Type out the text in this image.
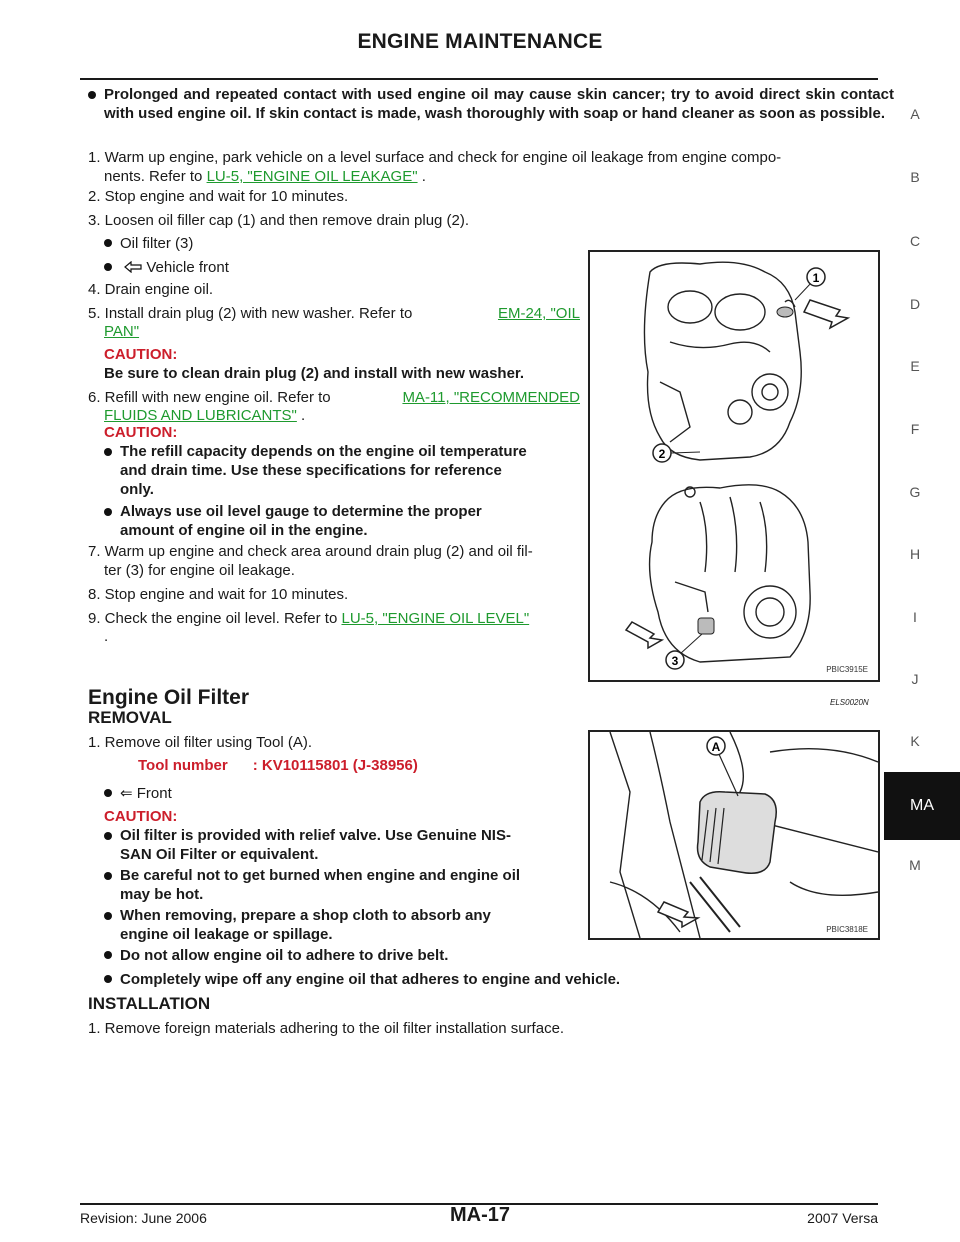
ENGINE MAINTENANCE
A
B
C
D
E
F
G
H
I
J
K
MA
M
Prolonged and repeated contact with used engine oil may cause skin cancer; try to avoid direct skin contact with used engine oil. If skin contact is made, wash thoroughly with soap or hand cleaner as soon as possible.
1. Warm up engine, park vehicle on a level surface and check for engine oil leakage from engine compo-
nents. Refer to LU-5, "ENGINE OIL LEAKAGE" .
2. Stop engine and wait for 10 minutes.
3. Loosen oil filler cap (1) and then remove drain plug (2).
Oil filter (3)
Vehicle front
4. Drain engine oil.
5. Install drain plug (2) with new washer. Refer to	EM-24, "OIL
PAN"
CAUTION:
Be sure to clean drain plug (2) and install with new washer.
6. Refill with new engine oil. Refer to	MA-11, "RECOMMENDED
FLUIDS AND LUBRICANTS" .
CAUTION:
The refill capacity depends on the engine oil temperature
and drain time. Use these specifications for reference
only.
Always use oil level gauge to determine the proper
amount of engine oil in the engine.
7. Warm up engine and check area around drain plug (2) and oil fil-
ter (3) for engine oil leakage.
8. Stop engine and wait for 10 minutes.
9. Check the engine oil level. Refer to LU-5, "ENGINE OIL LEVEL"
.
1
2
3
PBIC3915E
Engine Oil Filter	ELS0020N
REMOVAL
1. Remove oil filter using Tool (A).
Tool number      : KV10115801 (J-38956)
⇐ Front
CAUTION:
Oil filter is provided with relief valve. Use Genuine NIS-
SAN Oil Filter or equivalent.
Be careful not to get burned when engine and engine oil
may be hot.
When removing, prepare a shop cloth to absorb any
engine oil leakage or spillage.
Do not allow engine oil to adhere to drive belt.
Completely wipe off any engine oil that adheres to engine and vehicle.
INSTALLATION
1. Remove foreign materials adhering to the oil filter installation surface.
A
PBIC3818E
Revision: June 2006	MA-17	2007 Versa
